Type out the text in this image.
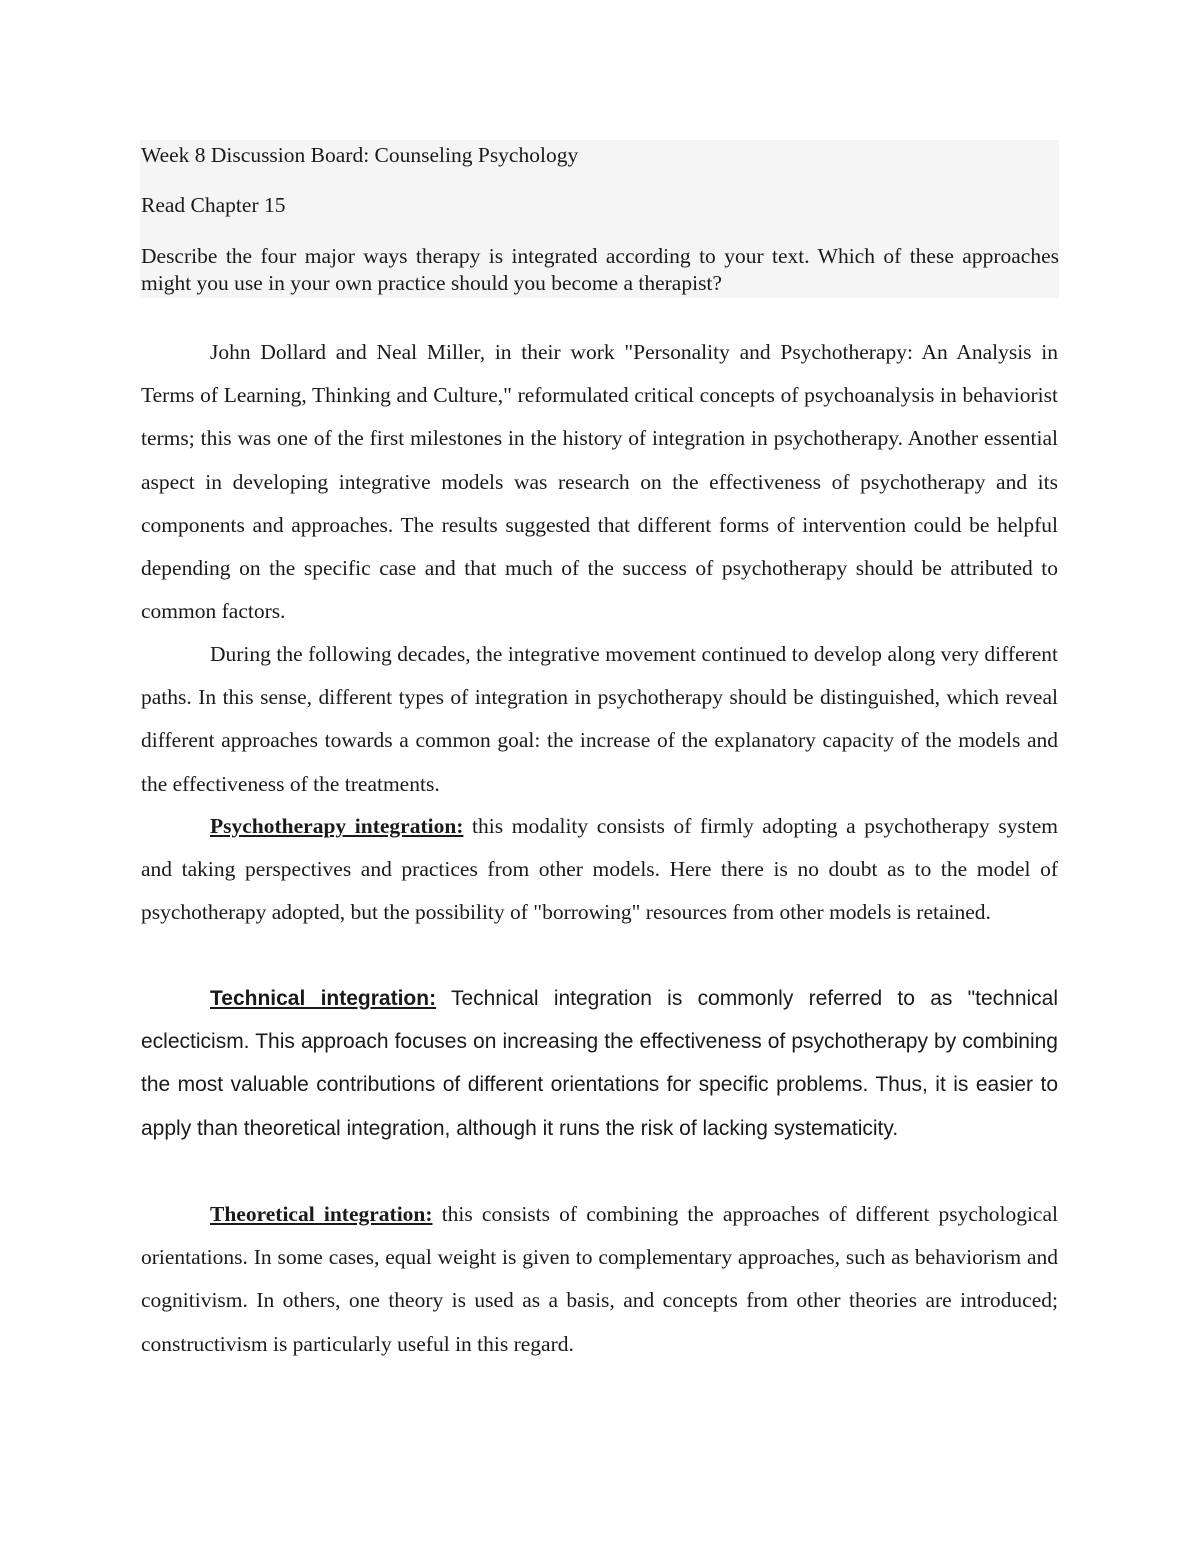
Week 8 Discussion Board: Counseling Psychology
Read Chapter 15
Describe the four major ways therapy is integrated according to your text. Which of these approaches might you use in your own practice should you become a therapist?

John Dollard and Neal Miller, in their work "Personality and Psychotherapy: An Analysis in Terms of Learning, Thinking and Culture," reformulated critical concepts of psychoanalysis in behaviorist terms; this was one of the first milestones in the history of integration in psychotherapy. Another essential aspect in developing integrative models was research on the effectiveness of psychotherapy and its components and approaches. The results suggested that different forms of intervention could be helpful depending on the specific case and that much of the success of psychotherapy should be attributed to common factors.

During the following decades, the integrative movement continued to develop along very different paths. In this sense, different types of integration in psychotherapy should be distinguished, which reveal different approaches towards a common goal: the increase of the explanatory capacity of the models and the effectiveness of the treatments.

Psychotherapy integration: this modality consists of firmly adopting a psychotherapy system and taking perspectives and practices from other models. Here there is no doubt as to the model of psychotherapy adopted, but the possibility of "borrowing" resources from other models is retained.

Technical integration: Technical integration is commonly referred to as "technical eclecticism. This approach focuses on increasing the effectiveness of psychotherapy by combining the most valuable contributions of different orientations for specific problems. Thus, it is easier to apply than theoretical integration, although it runs the risk of lacking systematicity.

Theoretical integration: this consists of combining the approaches of different psychological orientations. In some cases, equal weight is given to complementary approaches, such as behaviorism and cognitivism. In others, one theory is used as a basis, and concepts from other theories are introduced; constructivism is particularly useful in this regard.
